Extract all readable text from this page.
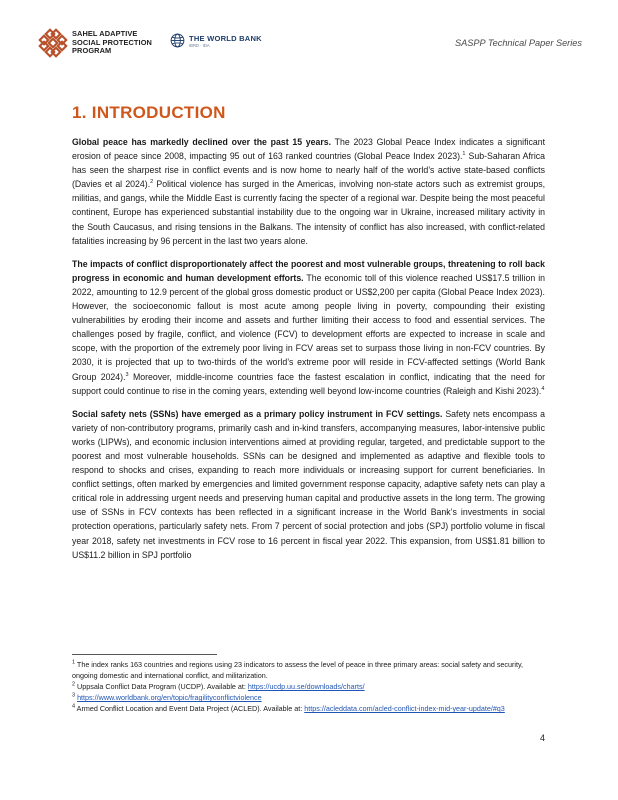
SAHEL ADAPTIVE
SOCIAL PROTECTION
PROGRAM
THE WORLD BANK
IBRD · IDA	SASPP Technical Paper Series
1. INTRODUCTION

Global peace has markedly declined over the past 15 years. The 2023 Global Peace Index indicates a significant erosion of peace since 2008, impacting 95 out of 163 ranked countries (Global Peace Index 2023).$^1$ Sub-Saharan Africa has seen the sharpest rise in conflict events and is now home to nearly half of the world’s active state-based conflicts (Davies et al 2024).$^2$ Political violence has surged in the Americas, involving non-state actors such as extremist groups, militias, and gangs, while the Middle East is currently facing the specter of a regional war. Despite being the most peaceful continent, Europe has experienced substantial instability due to the ongoing war in Ukraine, increased military activity in the South Caucasus, and rising tensions in the Balkans. The intensity of conflict has also increased, with conflict-related fatalities increasing by 96 percent in the last two years alone.

The impacts of conflict disproportionately affect the poorest and most vulnerable groups, threatening to roll back progress in economic and human development efforts. The economic toll of this violence reached US$17.5 trillion in 2022, amounting to 12.9 percent of the global gross domestic product or US$2,200 per capita (Global Peace Index 2023). However, the socioeconomic fallout is most acute among people living in poverty, compounding their existing vulnerabilities by eroding their income and assets and further limiting their access to food and essential services. The challenges posed by fragile, conflict, and violence (FCV) to development efforts are expected to increase in scale and scope, with the proportion of the extremely poor living in FCV areas set to surpass those living in non-FCV countries. By 2030, it is projected that up to two-thirds of the world’s extreme poor will reside in FCV-affected settings (World Bank Group 2024).$^3$ Moreover, middle-income countries face the fastest escalation in conflict, indicating that the need for support could continue to rise in the coming years, extending well beyond low-income countries (Raleigh and Kishi 2023).$^4$

Social safety nets (SSNs) have emerged as a primary policy instrument in FCV settings. Safety nets encompass a variety of non-contributory programs, primarily cash and in-kind transfers, accompanying measures, labor-intensive public works (LIPWs), and economic inclusion interventions aimed at providing regular, targeted, and predictable support to the poorest and most vulnerable households. SSNs can be designed and implemented as adaptive and flexible tools to respond to shocks and crises, expanding to reach more individuals or increasing support for current beneficiaries. In conflict settings, often marked by emergencies and limited government response capacity, adaptive safety nets can play a critical role in addressing urgent needs and preserving human capital and productive assets in the long term. The growing use of SSNs in FCV contexts has been reflected in a significant increase in the World Bank’s investments in social protection operations, particularly safety nets. From 7 percent of social protection and jobs (SPJ) portfolio volume in fiscal year 2018, safety net investments in FCV rose to 16 percent in fiscal year 2022. This expansion, from US$1.81 billion to US$11.2 billion in SPJ portfolio

$^1$ The index ranks 163 countries and regions using 23 indicators to assess the level of peace in three primary areas: social safety and security, ongoing domestic and international conflict, and militarization.

$^2$ Uppsala Conflict Data Program (UCDP). Available at: https://ucdp.uu.se/downloads/charts/

$^3$ https://www.worldbank.org/en/topic/fragilityconflictviolence

$^4$ Armed Conflict Location and Event Data Project (ACLED). Available at: https://acleddata.com/acled-conflict-index-mid-year-update/#q3

4
